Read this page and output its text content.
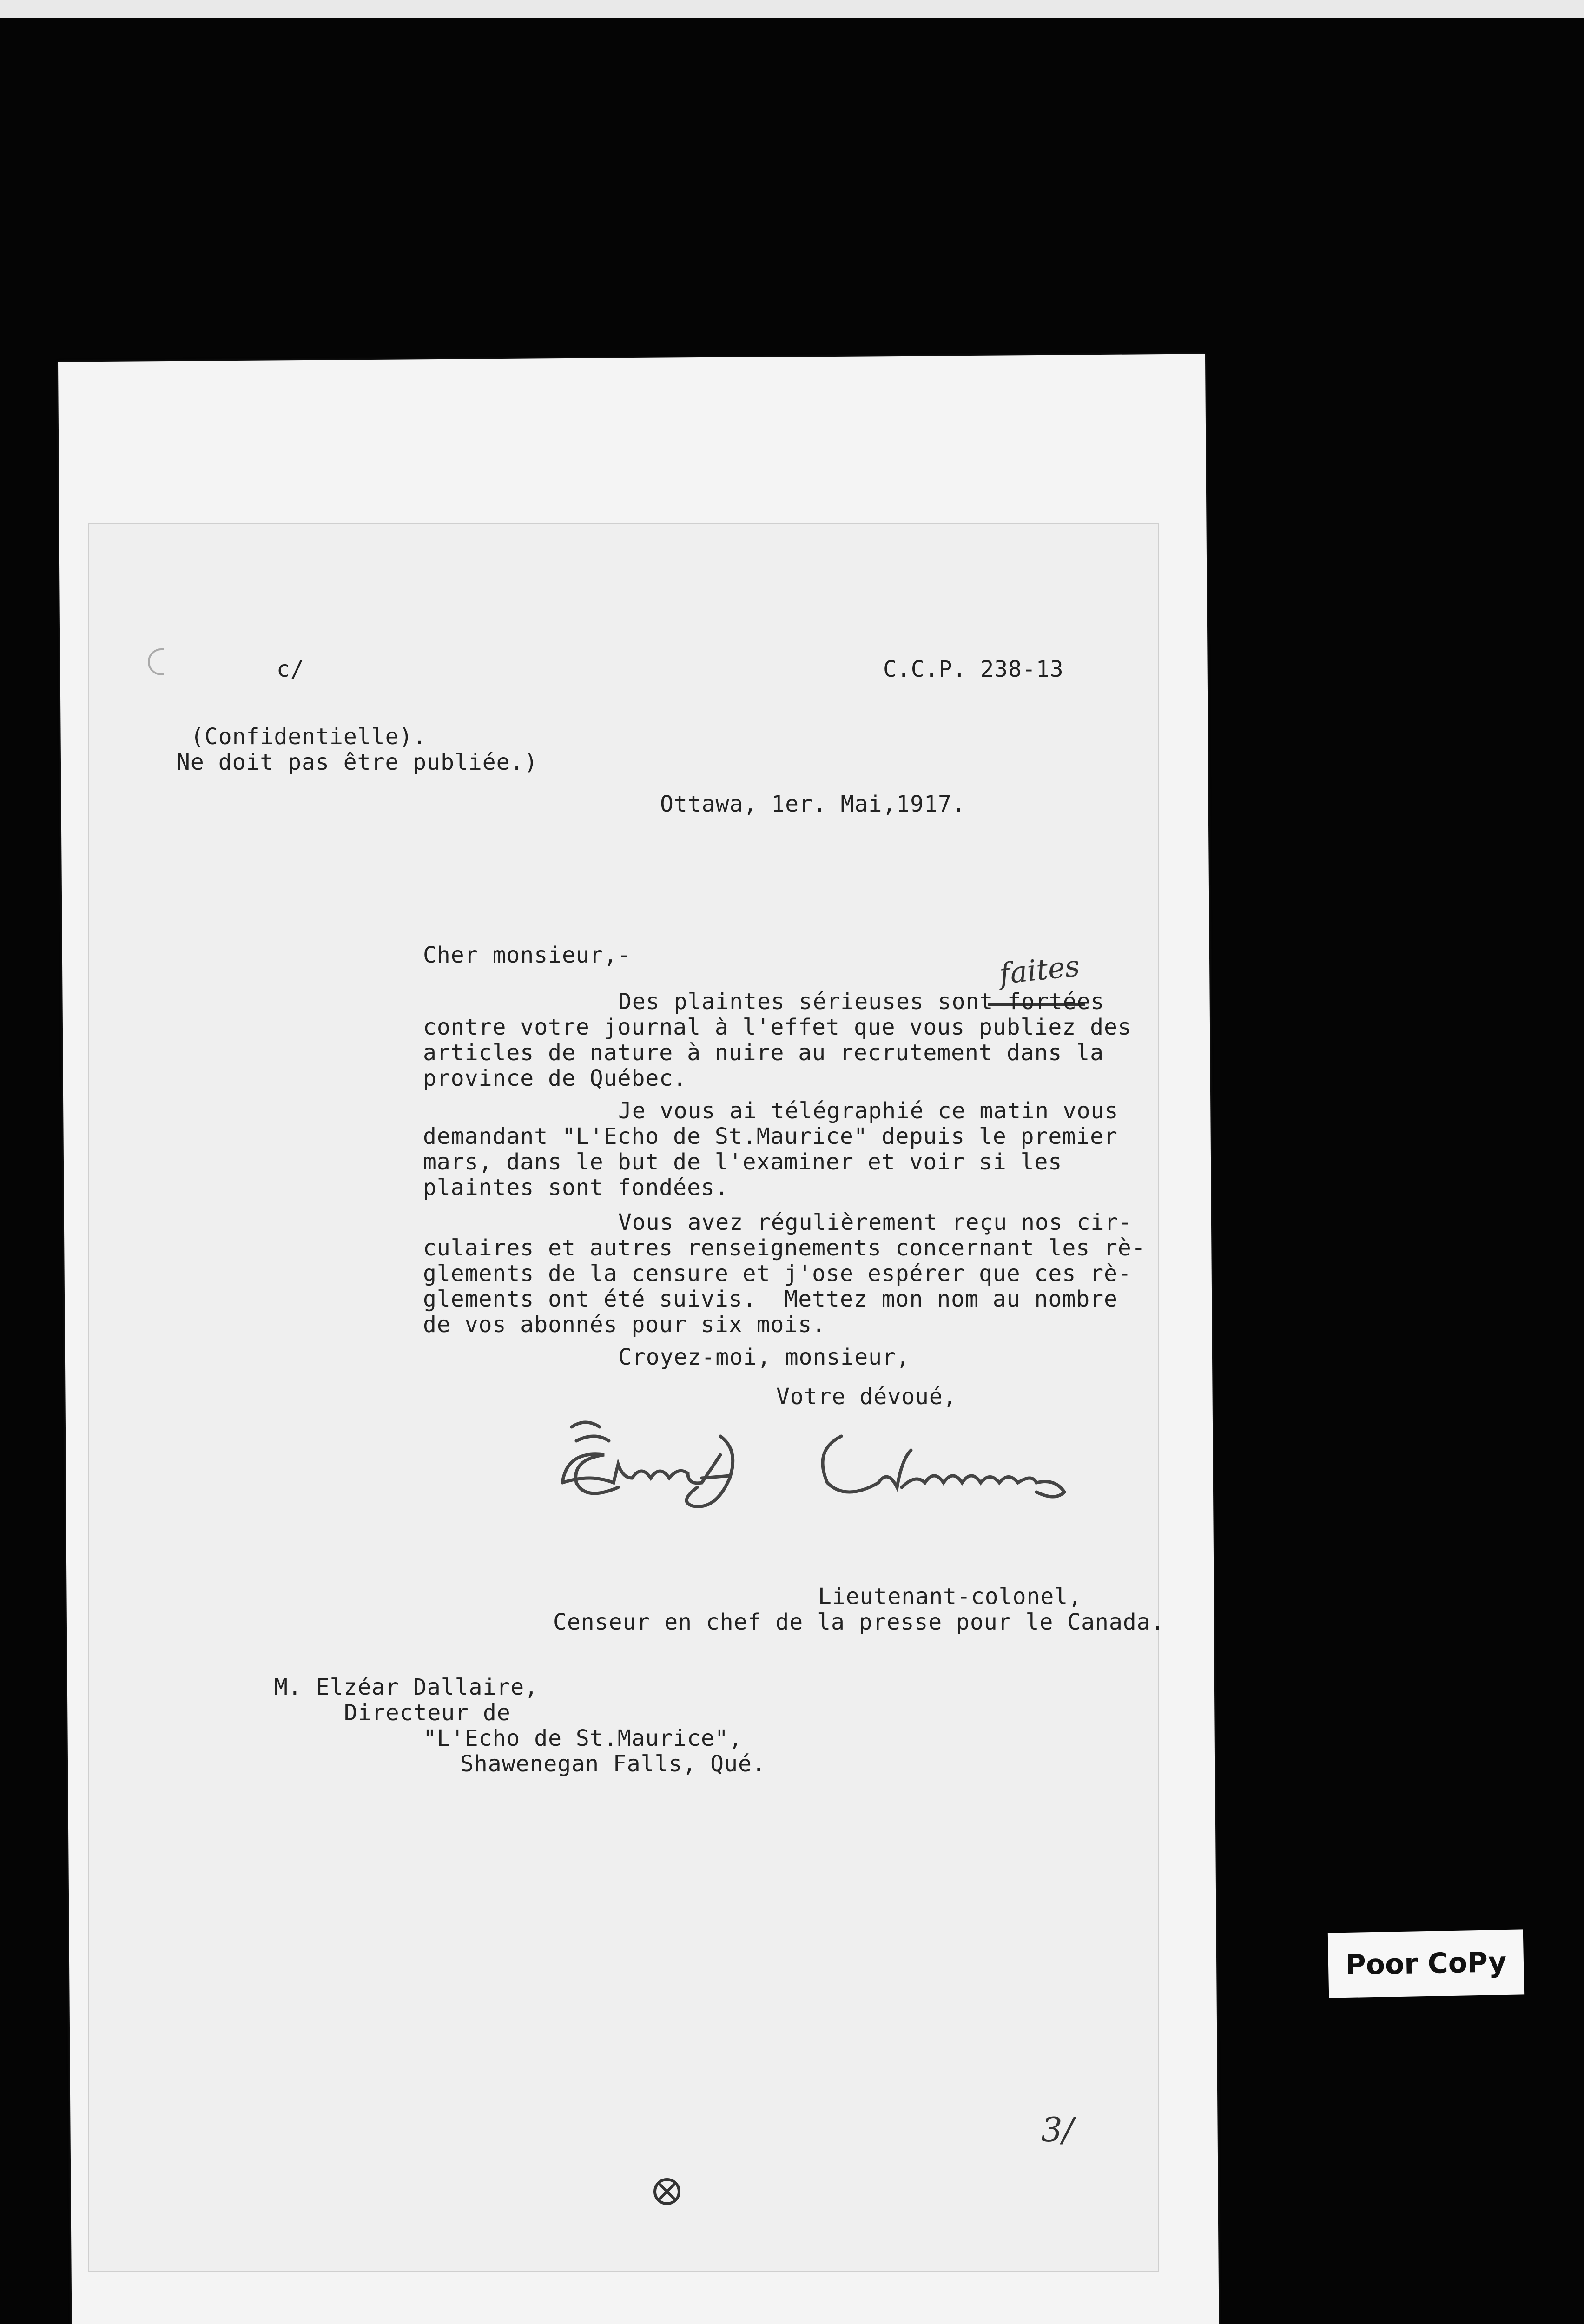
c/	C.C.P. 238-13
(Confidentielle).
Ne doit pas être publiée.)
Ottawa, 1er. Mai,1917.
Cher monsieur,-	faites
Des plaintes sérieuses sont fortées
contre votre journal à l'effet que vous publiez des
articles de nature à nuire au recrutement dans la
province de Québec.
Je vous ai télégraphié ce matin vous
demandant "L'Echo de St.Maurice" depuis le premier
mars, dans le but de l'examiner et voir si les
plaintes sont fondées.
Vous avez régulièrement reçu nos cir-
culaires et autres renseignements concernant les rè-
glements de la censure et j'ose espérer que ces rè-
glements ont été suivis.  Mettez mon nom au nombre
de vos abonnés pour six mois.
Croyez-moi, monsieur,
Votre dévoué,
Lieutenant-colonel,
Censeur en chef de la presse pour le Canada.
M. Elzéar Dallaire,
Directeur de
"L'Echo de St.Maurice",
Shawenegan Falls, Qué.
3/
Poor CoPy
